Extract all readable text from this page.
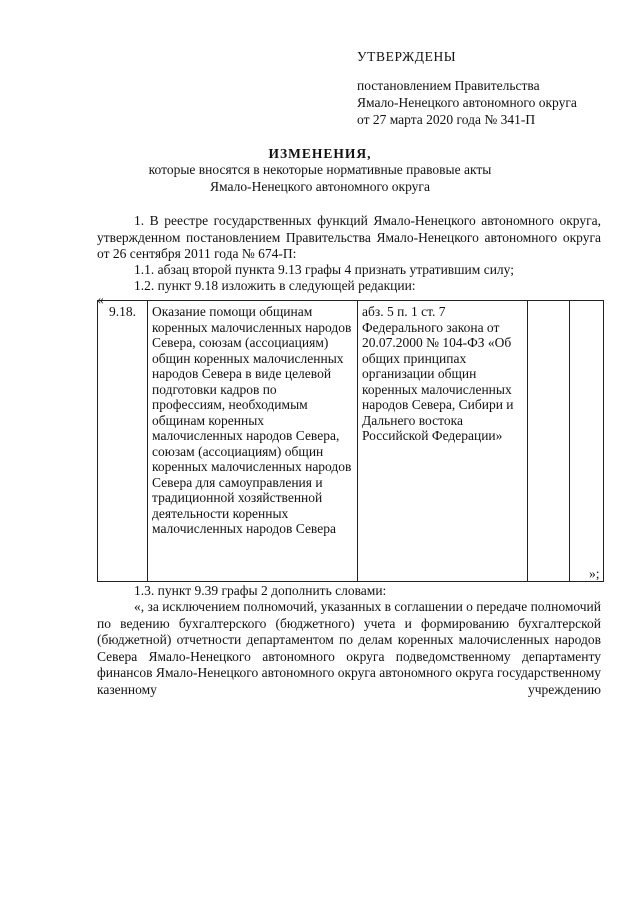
УТВЕРЖДЕНЫ
постановлением Правительства
Ямало-Ненецкого автономного округа
от 27 марта 2020 года № 341-П
ИЗМЕНЕНИЯ,
которые вносятся в некоторые нормативные правовые акты
Ямало-Ненецкого автономного округа
1. В реестре государственных функций Ямало-Ненецкого автономного округа, утвержденном постановлением Правительства Ямало-Ненецкого автономного округа от 26 сентября 2011 года № 674-П:
1.1. абзац второй пункта 9.13 графы 4 признать утратившим силу;
1.2. пункт 9.18 изложить в следующей редакции:
«
9.18.	Оказание помощи общинам коренных малочисленных народов Севера, союзам (ассоциациям) общин коренных малочисленных народов Севера в виде целевой подготовки кадров по профессиям, необходимым общинам коренных малочисленных народов Севера, союзам (ассоциациям) общин коренных малочисленных народов Севера для самоуправления и традиционной хозяйственной деятельности коренных малочисленных народов Севера	абз. 5 п. 1 ст. 7 Федерального закона от 20.07.2000 № 104-ФЗ «Об общих принципах организации общин коренных малочисленных народов Севера, Сибири и Дальнего востока Российской Федерации»		
»;
1.3. пункт 9.39 графы 2 дополнить словами:
«, за исключением полномочий, указанных в соглашении о передаче полномочий по ведению бухгалтерского (бюджетного) учета и формированию бухгалтерской (бюджетной) отчетности департаментом по делам коренных малочисленных народов Севера Ямало-Ненецкого автономного округа подведомственному департаменту финансов Ямало-Ненецкого автономного округа автономного округа государственному казенному учреждению
